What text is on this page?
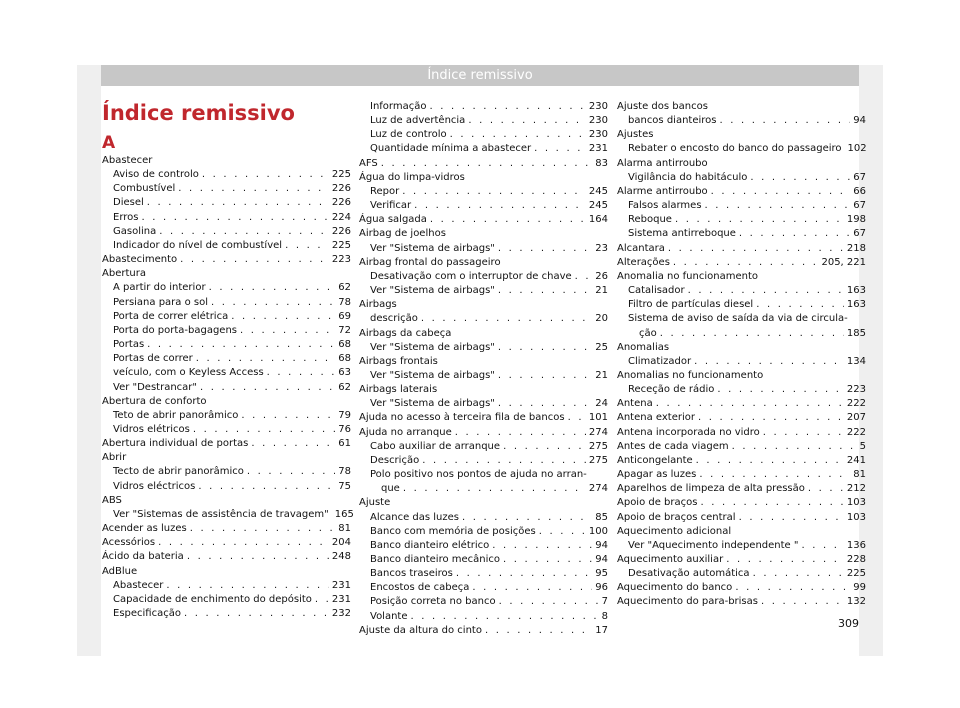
Índice remissivo
Índice remissivo
A
Abastecer
Aviso de controlo . . .	225
Combustível . . .	226
Diesel . . .	226
Erros . . .	224
Gasolina . . .	226
Indicador do nível de combustível . . .	225
Abastecimento . . .	223
Abertura
A partir do interior . . .	62
Persiana para o sol . . .	78
Porta de correr elétrica . . .	69
Porta do porta-bagagens . . .	72
Portas . . .	68
Portas de correr . . .	68
veículo, com o Keyless Access . . .	63
Ver "Destrancar" . . .	62
Abertura de conforto
Teto de abrir panorâmico . . .	79
Vidros elétricos . . .	76
Abertura individual de portas . . .	61
Abrir
Tecto de abrir panorâmico . . .	78
Vidros eléctricos . . .	75
ABS
Ver "Sistemas de assistência de travagem" 165
Acender as luzes . . .	81
Acessórios . . .	204
Ácido da bateria . . .	248
AdBlue
Abastecer . . .	231
Capacidade de enchimento do depósito . . . 231
Especificação . . .	232
Informação . . .	230
Luz de advertência . . .	230
Luz de controlo . . .	230
Quantidade mínima a abastecer . . .	231
AFS . . .	83
Água do limpa-vidros
Repor . . .	245
Verificar . . .	245
Água salgada . . .	164
Airbag de joelhos
Ver "Sistema de airbags" . . .	23
Airbag frontal do passageiro
Desativação com o interruptor de chave . . . 26
Ver "Sistema de airbags" . . .	21
Airbags
descrição . . .	20
Airbags da cabeça
Ver "Sistema de airbags" . . .	25
Airbags frontais
Ver "Sistema de airbags" . . .	21
Airbags laterais
Ver "Sistema de airbags" . . .	24
Ajuda no acesso à terceira fila de bancos . . . 101
Ajuda no arranque . . .	274
Cabo auxiliar de arranque . . .	275
Descrição . . .	275
Polo positivo nos pontos de ajuda no arran-
que . . .	274
Ajuste
Alcance das luzes . . .	85
Banco com memória de posições . . .	100
Banco dianteiro elétrico . . .	94
Banco dianteiro mecânico . . .	94
Bancos traseiros . . .	95
Encostos de cabeça . . .	96
Posição correta no banco . . .	7
Volante . . .	8
Ajuste da altura do cinto . . .	17
Ajuste dos bancos
bancos dianteiros . . .	94
Ajustes
Rebater o encosto do banco do passageiro 102
Alarma antirroubo
Vigilância do habitáculo . . .	67
Alarme antirroubo . . .	66
Falsos alarmes . . .	67
Reboque . . .	198
Sistema antirreboque . . .	67
Alcantara . . .	218
Alterações . . .	205, 221
Anomalia no funcionamento
Catalisador . . .	163
Filtro de partículas diesel . . .	163
Sistema de aviso de saída da via de circula-
ção . . .	185
Anomalias
Climatizador . . .	134
Anomalias no funcionamento
Receção de rádio . . .	223
Antena . . .	222
Antena exterior . . .	207
Antena incorporada no vidro . . .	222
Antes de cada viagem . . .	5
Anticongelante . . .	241
Apagar as luzes . . .	81
Aparelhos de limpeza de alta pressão . . .	212
Apoio de braços . . .	103
Apoio de braços central . . .	103
Aquecimento adicional
Ver "Aquecimento independente " . . .	136
Aquecimento auxiliar . . .	228
Desativação automática . . .	225
Aquecimento do banco . . .	99
Aquecimento do para-brisas . . .	132
309
